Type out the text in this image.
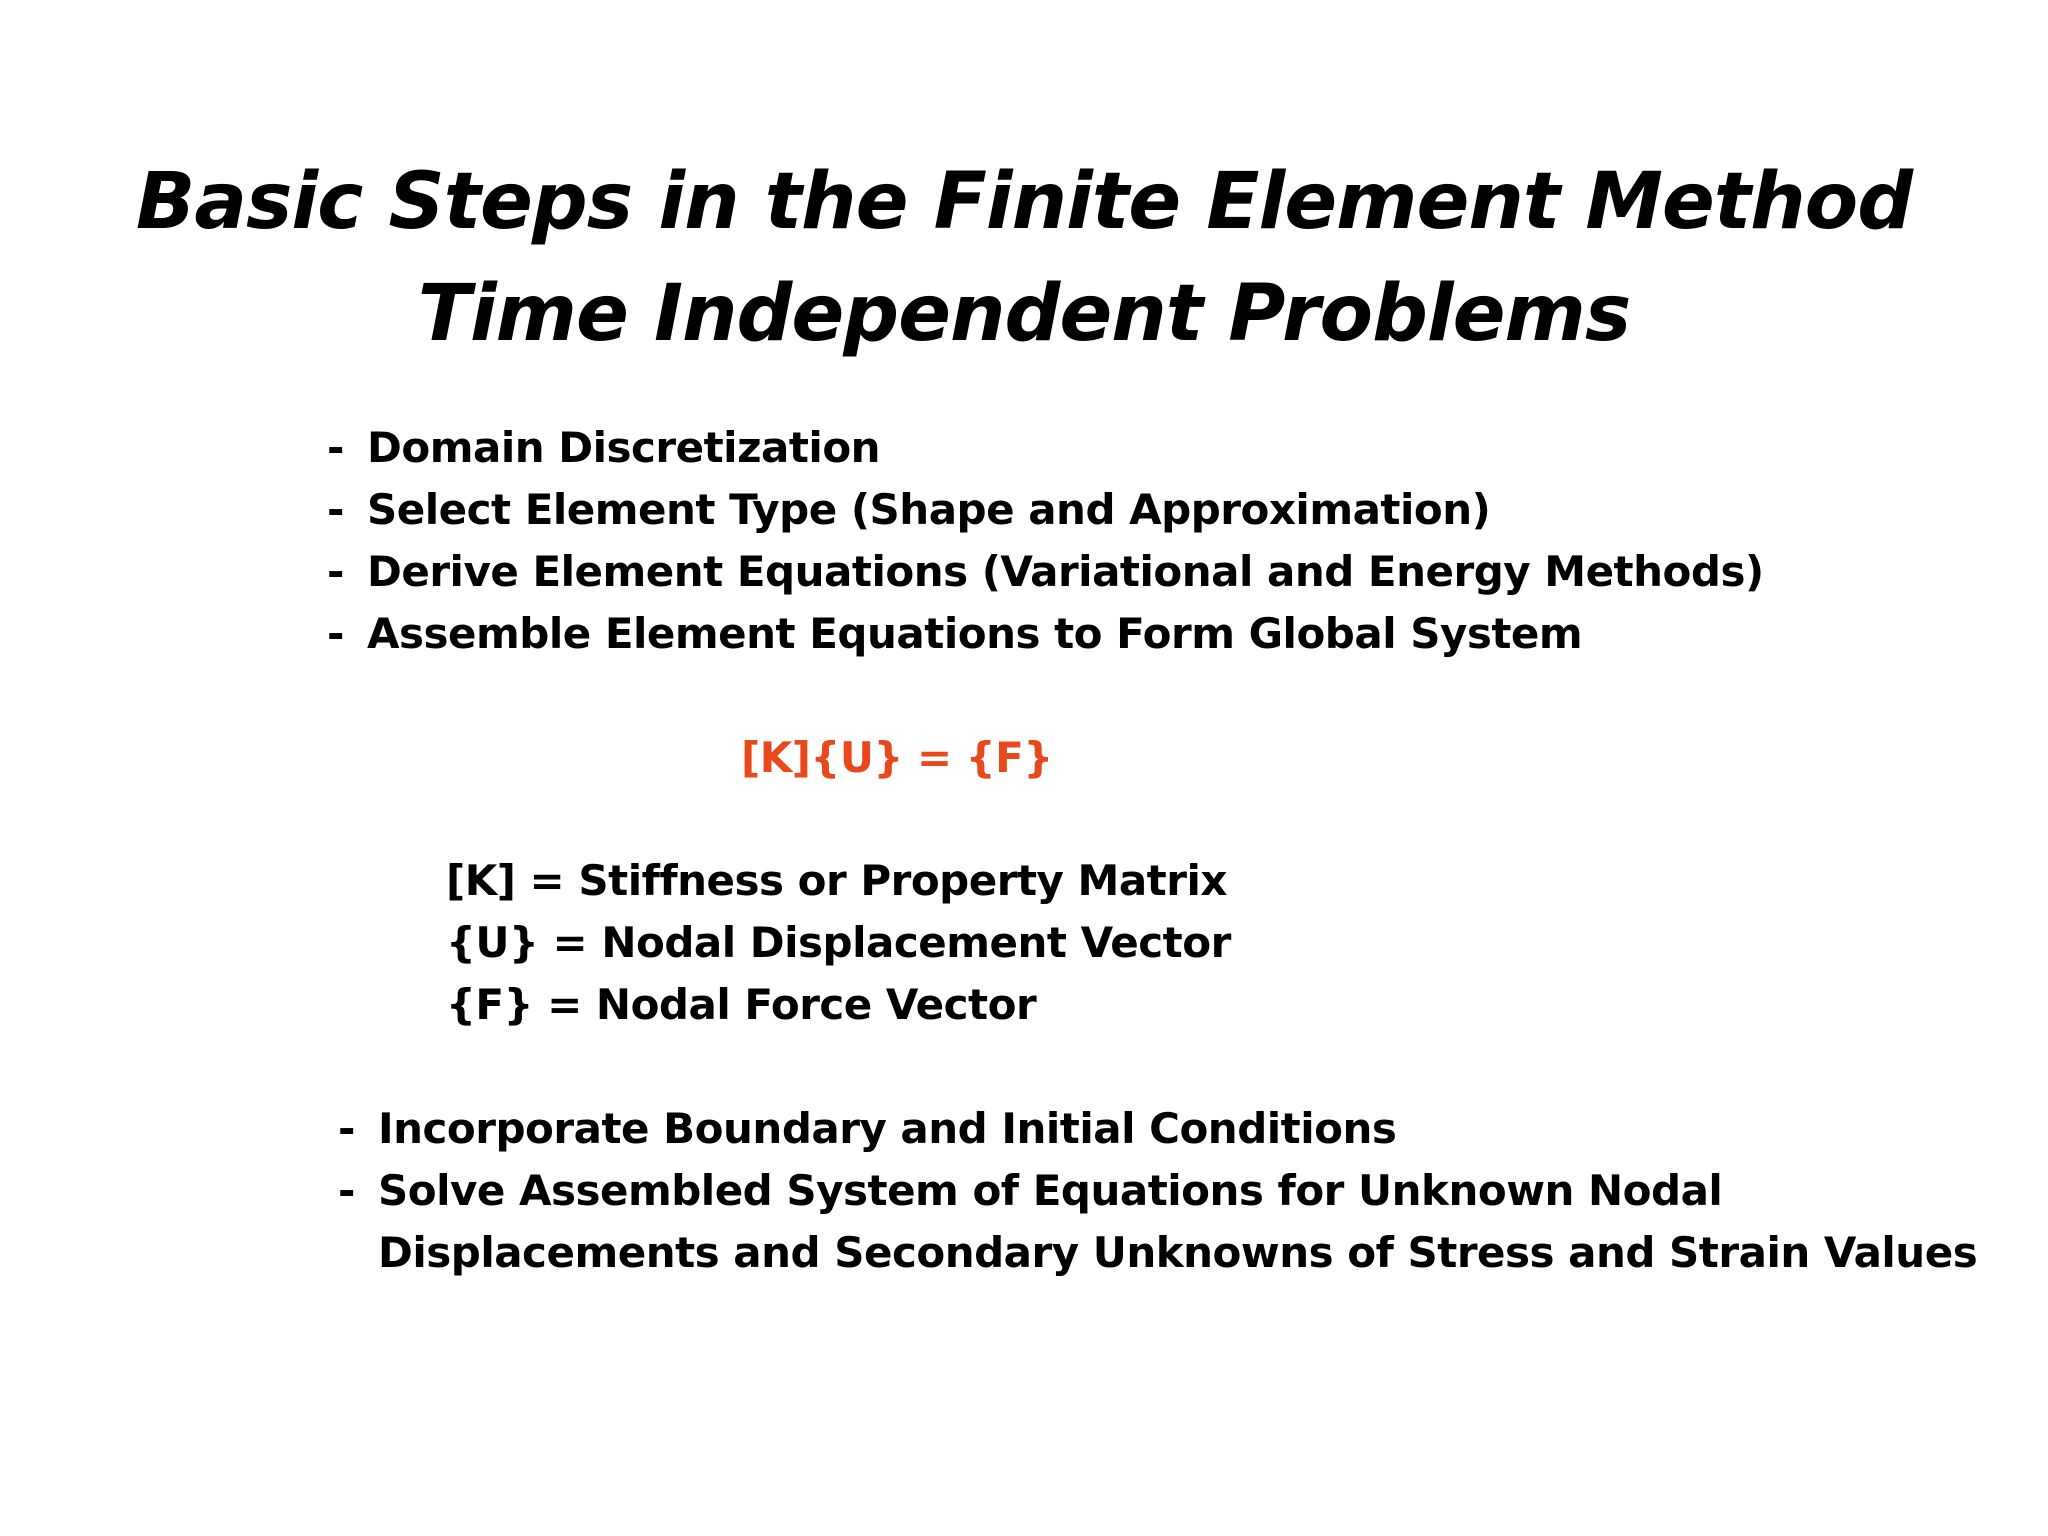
Basic Steps in the Finite Element Method
Time Independent Problems
- Domain Discretization
- Select Element Type (Shape and Approximation)
- Derive Element Equations (Variational and Energy Methods)
- Assemble Element Equations to Form Global System
[K]{U} = {F}
[K] = Stiffness or Property Matrix
{U} = Nodal Displacement Vector
{F} = Nodal Force Vector
- Incorporate Boundary and Initial Conditions
- Solve Assembled System of Equations for Unknown Nodal
Displacements and Secondary Unknowns of Stress and Strain Values
